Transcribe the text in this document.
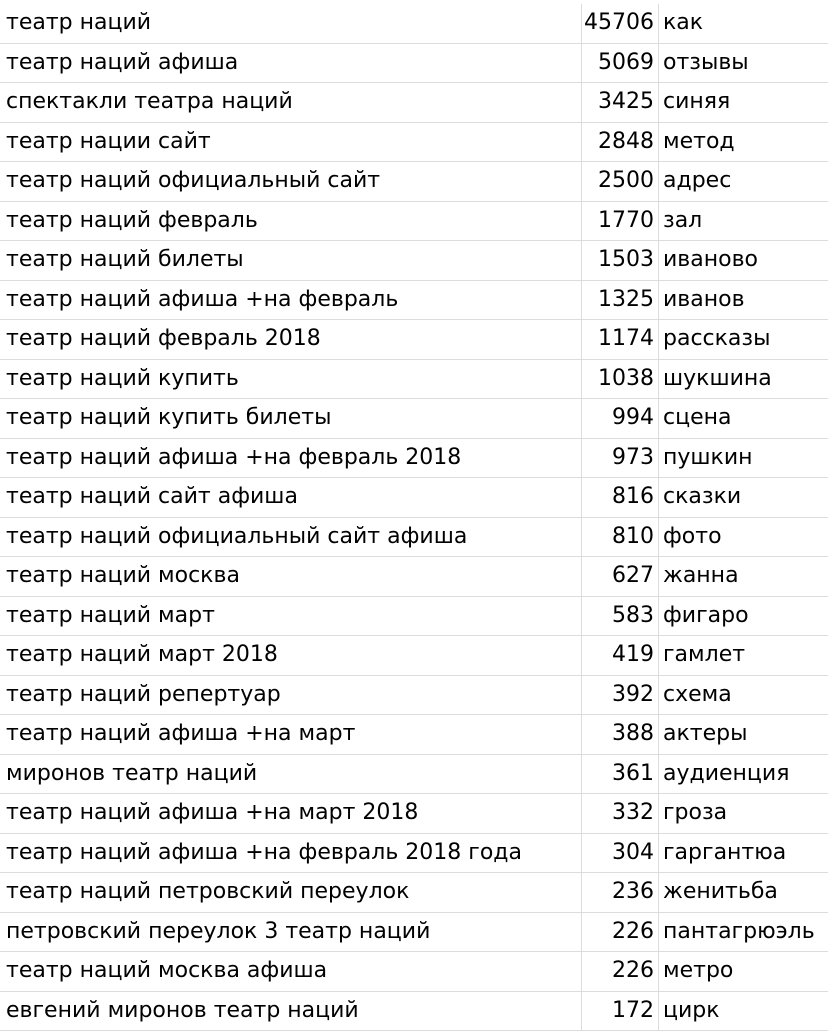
театр наций	45706 как
театр наций афиша	5069 отзывы
спектакли театра наций	3425 синяя
театр нации сайт	2848 метод
театр наций официальный сайт	2500 адрес
театр наций февраль	1770 зал
театр наций билеты	1503 иваново
театр наций афиша +на февраль	1325 иванов
театр наций февраль 2018	1174 рассказы
театр наций купить	1038 шукшина
театр наций купить билеты	994 сцена
театр наций афиша +на февраль 2018	973 пушкин
театр наций сайт афиша	816 сказки
театр наций официальный сайт афиша	810 фото
театр наций москва	627 жанна
театр наций март	583 фигаро
театр наций март 2018	419 гамлет
театр наций репертуар	392 схема
театр наций афиша +на март	388 актеры
миронов театр наций	361 аудиенция
театр наций афиша +на март 2018	332 гроза
театр наций афиша +на февраль 2018 года	304 гаргантюа
театр наций петровский переулок	236 женитьба
петровский переулок 3 театр наций	226 пантагрюэль
театр наций москва афиша	226 метро
евгений миронов театр наций	172 цирк
